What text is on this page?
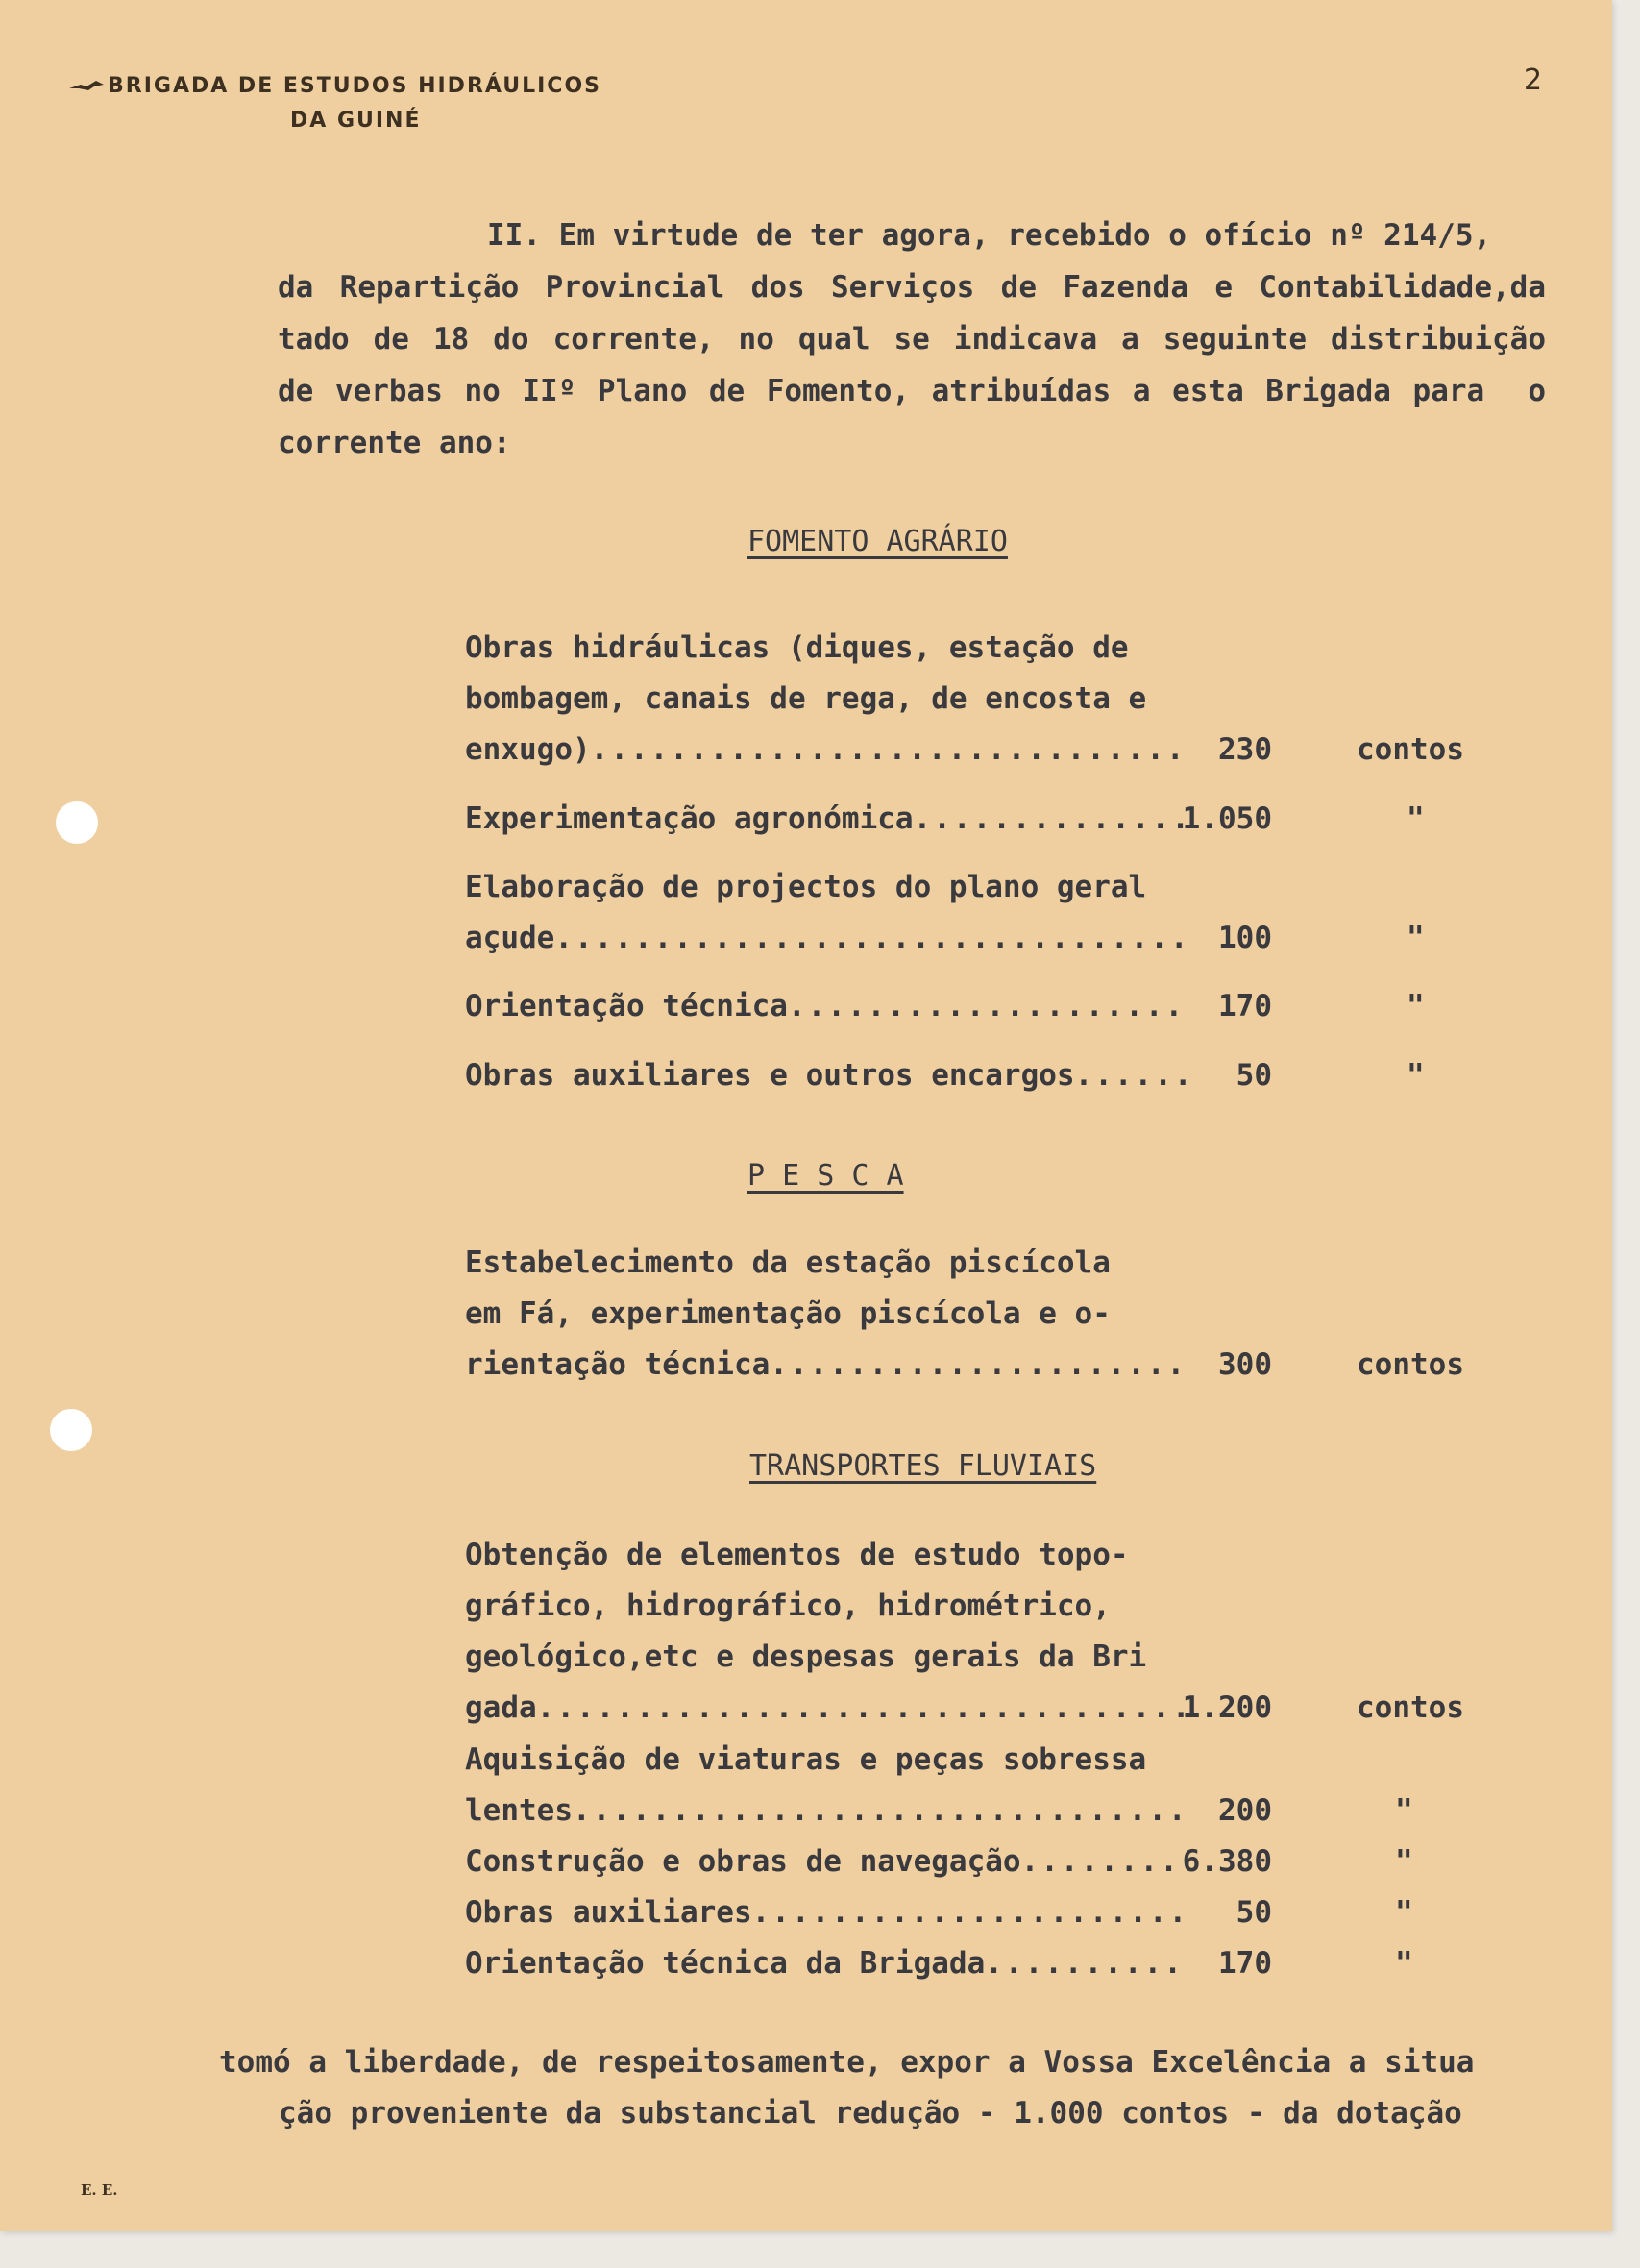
BRIGADA DE ESTUDOS HIDRÁULICOS
DA GUINÉ
2
II. Em virtude de ter agora, recebido o ofício nº 214/5,
da Repartição Provincial dos Serviços de Fazenda e Contabilidade,da
tado de 18 do corrente, no qual se indicava a seguinte distribuição
de verbas no IIº Plano de Fomento, atribuídas a esta Brigada para  o
corrente ano:
FOMENTO AGRÁRIO
Obras hidráulicas (diques, estação de
bombagem, canais de rega, de encosta e
enxugo) .....	230	contos
Experimentação agronómica .....	1.050	"
Elaboração de projectos do plano geral
açude .....	100	"
Orientação técnica .....	170	"
Obras auxiliares e outros encargos .....	50	"
P E S C A
Estabelecimento da estação piscícola
em Fá, experimentação piscícola e o-
rientação técnica .....	300	contos
TRANSPORTES FLUVIAIS
Obtenção de elementos de estudo topo-
gráfico, hidrográfico, hidrométrico,
geológico,etc e despesas gerais da Bri
gada .....	1.200	contos
Aquisição de viaturas e peças sobressa
lentes .....	200	"
Construção e obras de navegação .....	6.380	"
Obras auxiliares .....	50	"
Orientação técnica da Brigada .....	170	"
tomó a liberdade, de respeitosamente, expor a Vossa Excelência a situa
ção proveniente da substancial redução - 1.000 contos - da dotação
E. E.
